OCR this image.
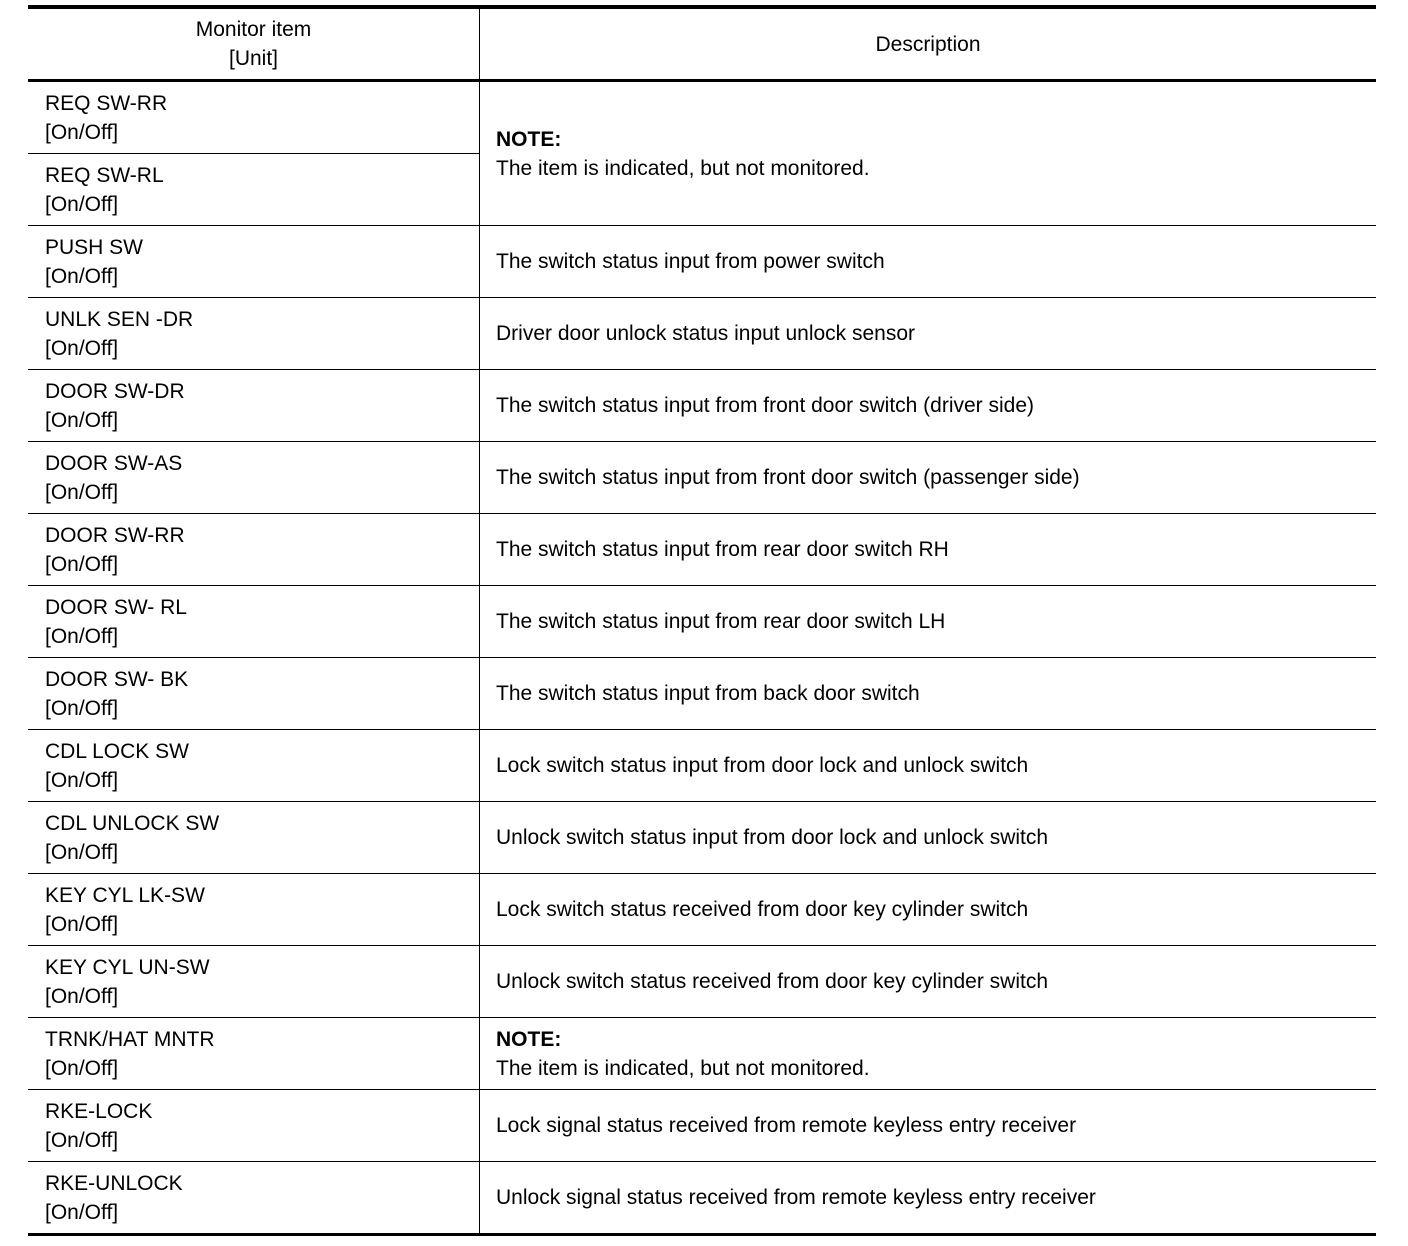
Monitor item
[Unit]	Description

REQ SW-RR
[On/Off]	NOTE:
The item is indicated, but not monitored.

REQ SW-RL
[On/Off]	

PUSH SW
[On/Off]	The switch status input from power switch

UNLK SEN -DR
[On/Off]	Driver door unlock status input unlock sensor

DOOR SW-DR
[On/Off]	The switch status input from front door switch (driver side)

DOOR SW-AS
[On/Off]	The switch status input from front door switch (passenger side)

DOOR SW-RR
[On/Off]	The switch status input from rear door switch RH

DOOR SW- RL
[On/Off]	The switch status input from rear door switch LH

DOOR SW- BK
[On/Off]	The switch status input from back door switch

CDL LOCK SW
[On/Off]	Lock switch status input from door lock and unlock switch

CDL UNLOCK SW
[On/Off]	Unlock switch status input from door lock and unlock switch

KEY CYL LK-SW
[On/Off]	Lock switch status received from door key cylinder switch

KEY CYL UN-SW
[On/Off]	Unlock switch status received from door key cylinder switch

TRNK/HAT MNTR
[On/Off]	NOTE:
The item is indicated, but not monitored.

RKE-LOCK
[On/Off]	Lock signal status received from remote keyless entry receiver

RKE-UNLOCK
[On/Off]	Unlock signal status received from remote keyless entry receiver
